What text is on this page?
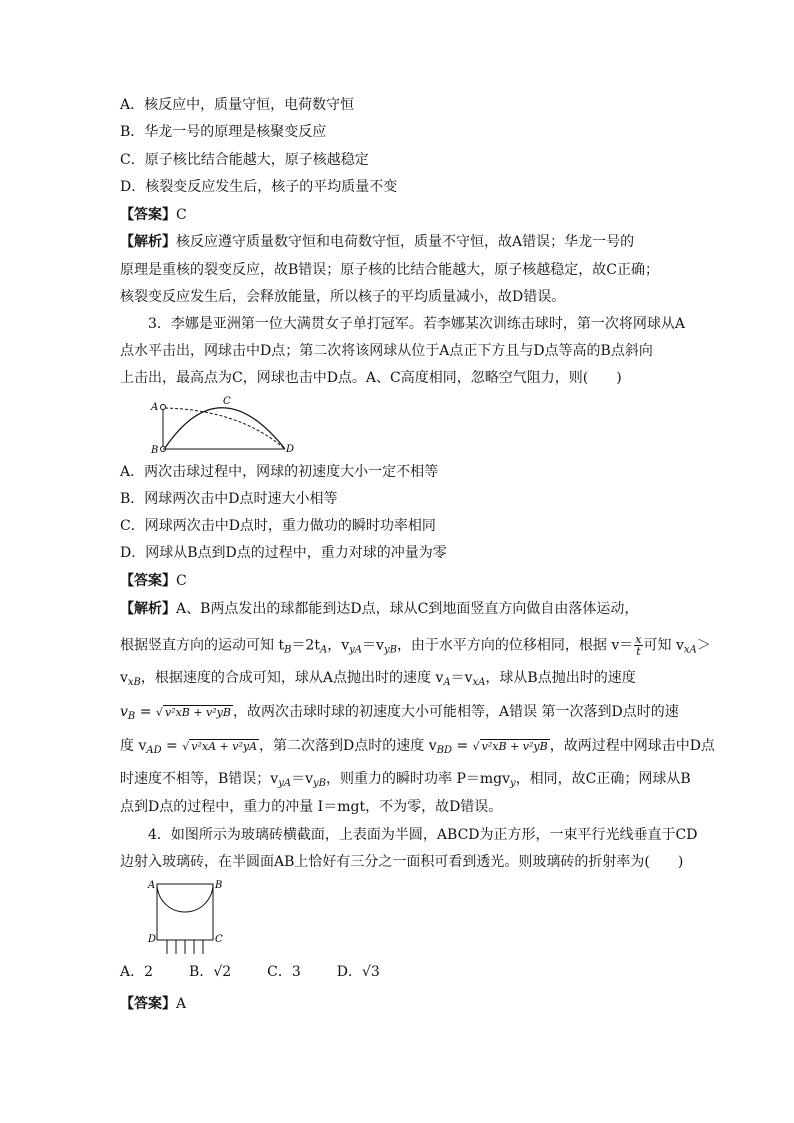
A．核反应中，质量守恒，电荷数守恒
B．华龙一号的原理是核聚变反应
C．原子核比结合能越大，原子核越稳定
D．核裂变反应发生后，核子的平均质量不变
【答案】C
【解析】核反应遵守质量数守恒和电荷数守恒，质量不守恒，故A错误；华龙一号的
原理是重核的裂变反应，故B错误；原子核的比结合能越大，原子核越稳定，故C正确；
核裂变反应发生后，会释放能量，所以核子的平均质量减小，故D错误。
3．李娜是亚洲第一位大满贯女子单打冠军。若李娜某次训练击球时，第一次将网球从A
点水平击出，网球击中D点；第二次将该网球从位于A点正下方且与D点等高的B点斜向
上击出，最高点为C，网球也击中D点。A、C高度相同，忽略空气阻力，则(　　)
A
B
C
D
A．两次击球过程中，网球的初速度大小一定不相等
B．网球两次击中D点时速大小相等
C．网球两次击中D点时，重力做功的瞬时功率相同
D．网球从B点到D点的过程中，重力对球的冲量为零
【答案】C
【解析】A、B两点发出的球都能到达D点，球从C到地面竖直方向做自由落体运动，
根据竖直方向的运动可知 $t_B=2t_A$，$v_{yA}=v_{yB}$，由于水平方向的位移相同，根据 $v= \frac{x}{t}$ 可知 $v_{xA}>$
$v_{xB}$，根据速度的合成可知，球从A点抛出时的速度 $v_A=v_{xA}$，球从B点抛出时的速度
$v_B$ = √ v²xB + v²yB ，故两次击球时球的初速度大小可能相等，A错误 第一次落到D点时的速
度 $v_{AD}$ = √ v²xA + v²yA ，第二次落到D点时的速度 $v_{BD}$ = √ v²xB + v²yB ，故两过程中网球击中D点
时速度不相等，B错误；$v_{yA}=v_{yB}$，则重力的瞬时功率 P＝mgv$_y$，相同，故C正确；网球从B
点到D点的过程中，重力的冲量 I＝mgt，不为零，故D错误。
4．如图所示为玻璃砖横截面，上表面为半圆，ABCD为正方形，一束平行光线垂直于CD
边射入玻璃砖，在半圆面AB上恰好有三分之一面积可看到透光。则玻璃砖的折射率为(　　)
A	B
C
D
A．2	B．√2	C．3	D．√3
【答案】A
